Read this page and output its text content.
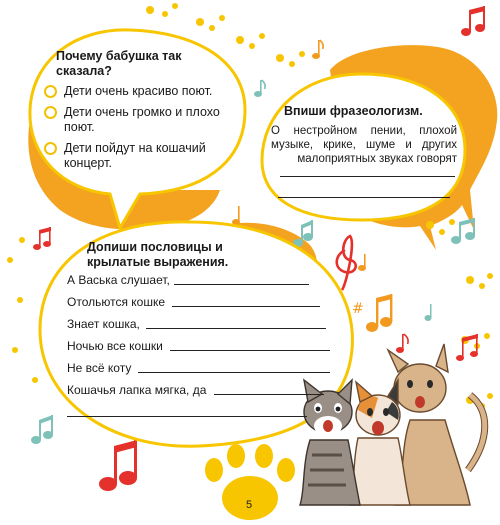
#
Почему бабушка так сказала?
Дети очень красиво поют.
Дети очень громко и плохо поют.
Дети пойдут на кошачий концерт.
Впиши фразеологизм.
О нестройном пении, плохой музыке, крике, шуме и других малоприятных звуках говорят
Допиши пословицы и крылатые выражения.
А Васька слушает,
Отольются кошке
Знает кошка,
Ночью все кошки
Не всё коту
Кошачья лапка мягка, да
5
